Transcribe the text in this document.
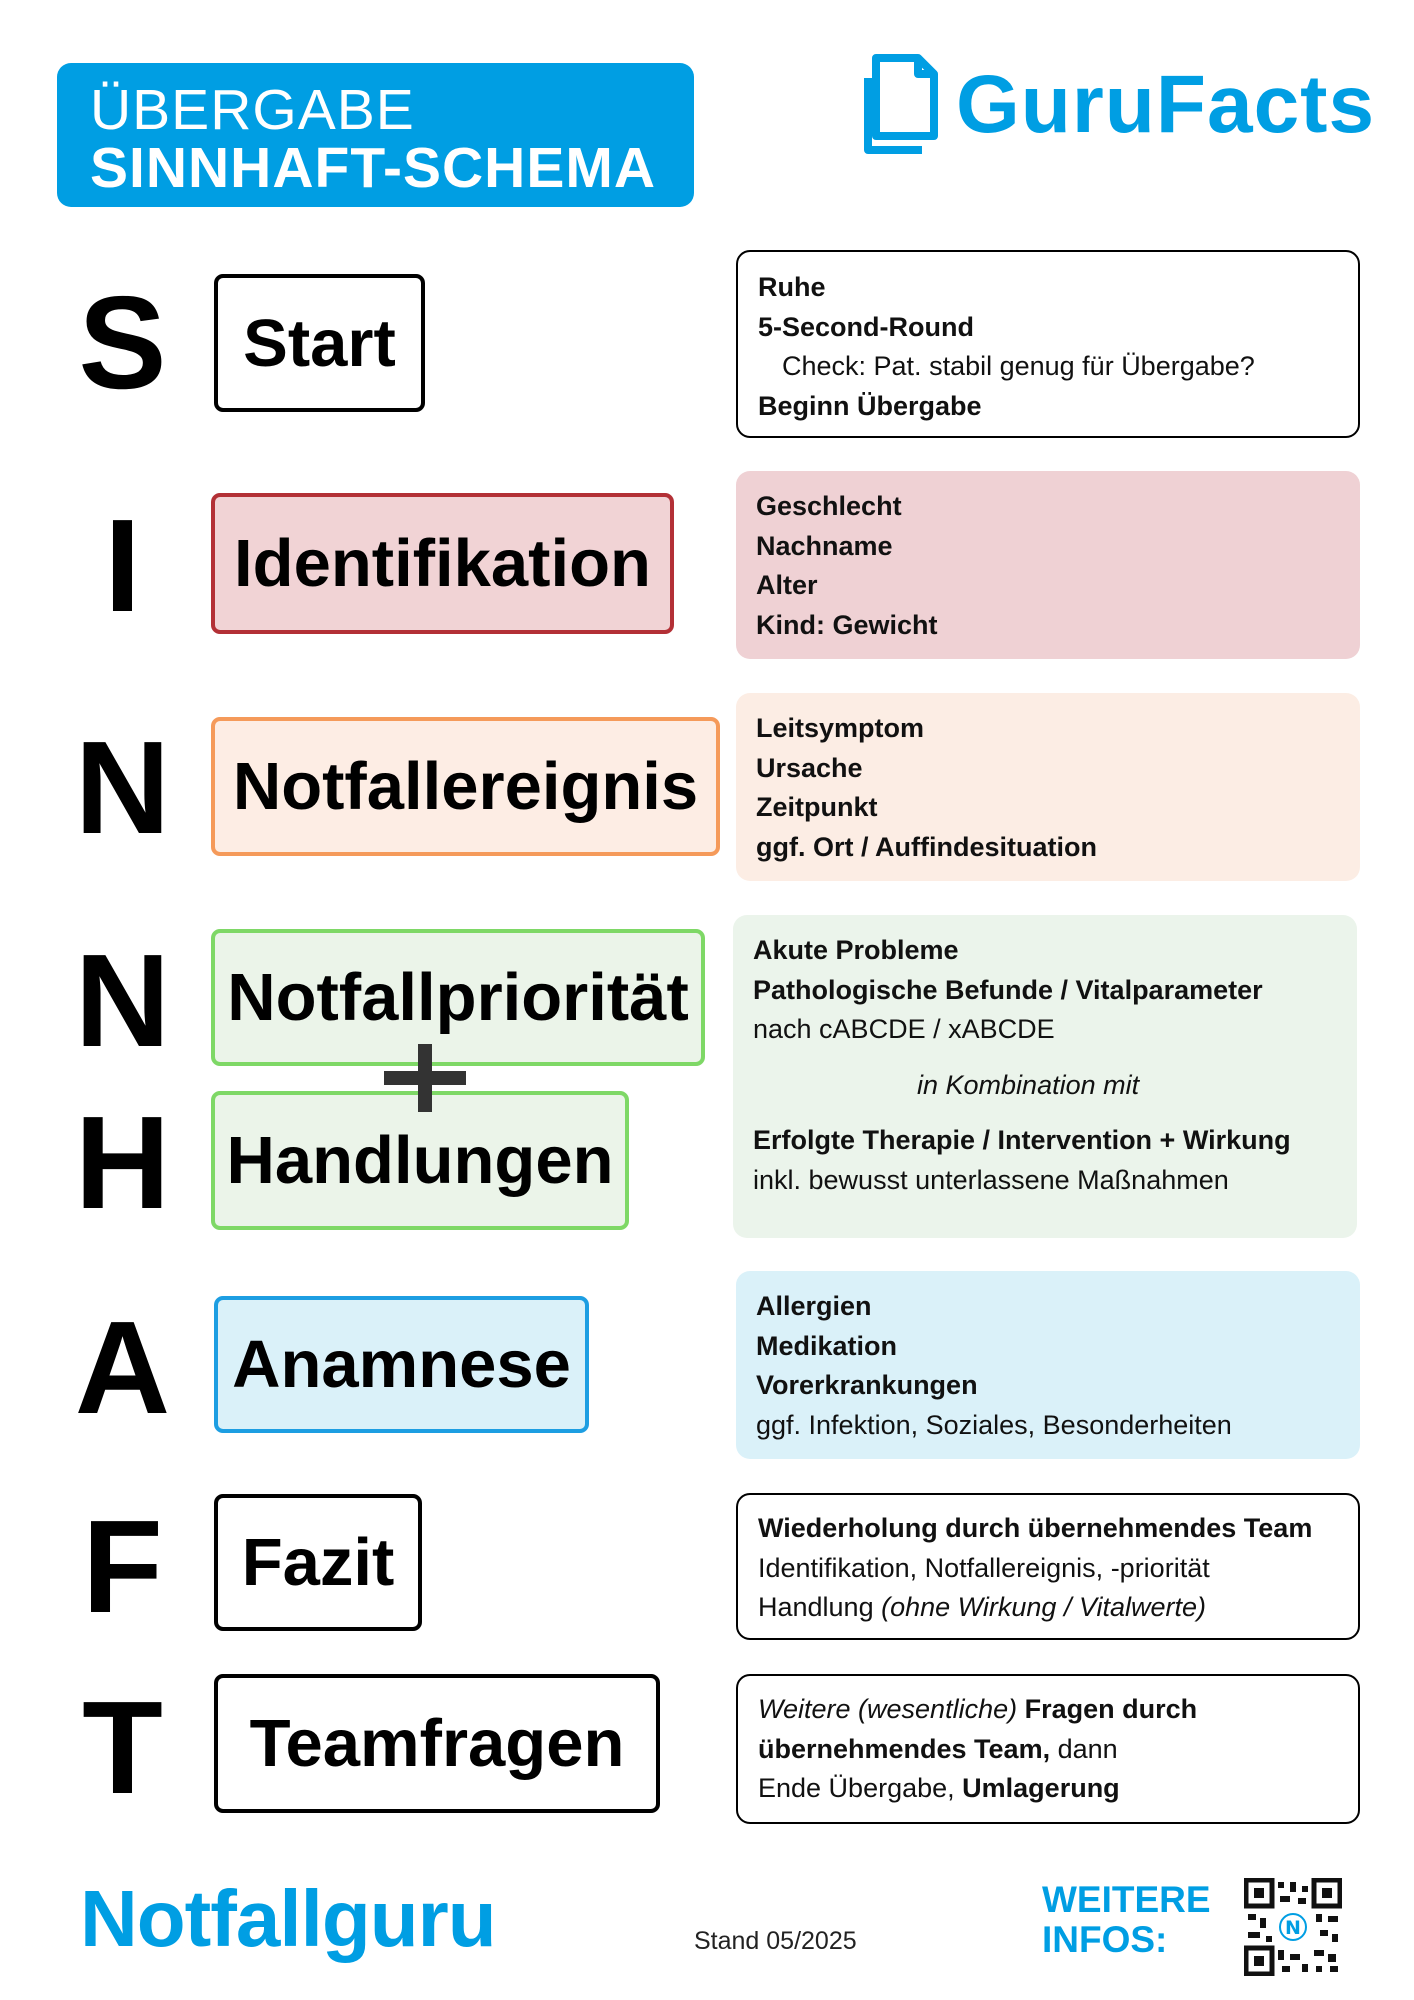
ÜBERGABE
SINNHAFT-SCHEMA
GuruFacts
S	Start
Ruhe
5-Second-Round
Check: Pat. stabil genug für Übergabe?
Beginn Übergabe
I	Identifikation
Geschlecht
Nachname
Alter
Kind: Gewicht
N Notfallereignis
Leitsymptom
Ursache
Zeitpunkt
ggf. Ort / Auffindesituation
N Notfallpriorität
H Handlungen
Akute Probleme
Pathologische Befunde / Vitalparameter
nach cABCDE / xABCDE
in Kombination mit
Erfolgte Therapie / Intervention + Wirkung
inkl. bewusst unterlassene Maßnahmen
A Anamnese
Allergien
Medikation
Vorerkrankungen
ggf. Infektion, Soziales, Besonderheiten
F	Fazit	Wiederholung durch übernehmendes Team
Identifikation, Notfallereignis, -priorität
Handlung (ohne Wirkung / Vitalwerte)
T	Teamfragen	Weitere (wesentliche) Fragen durch
übernehmendes Team, dann
Ende Übergabe, Umlagerung
Notfallguru	Stand 05/2025
WEITERE
INFOS:	N
